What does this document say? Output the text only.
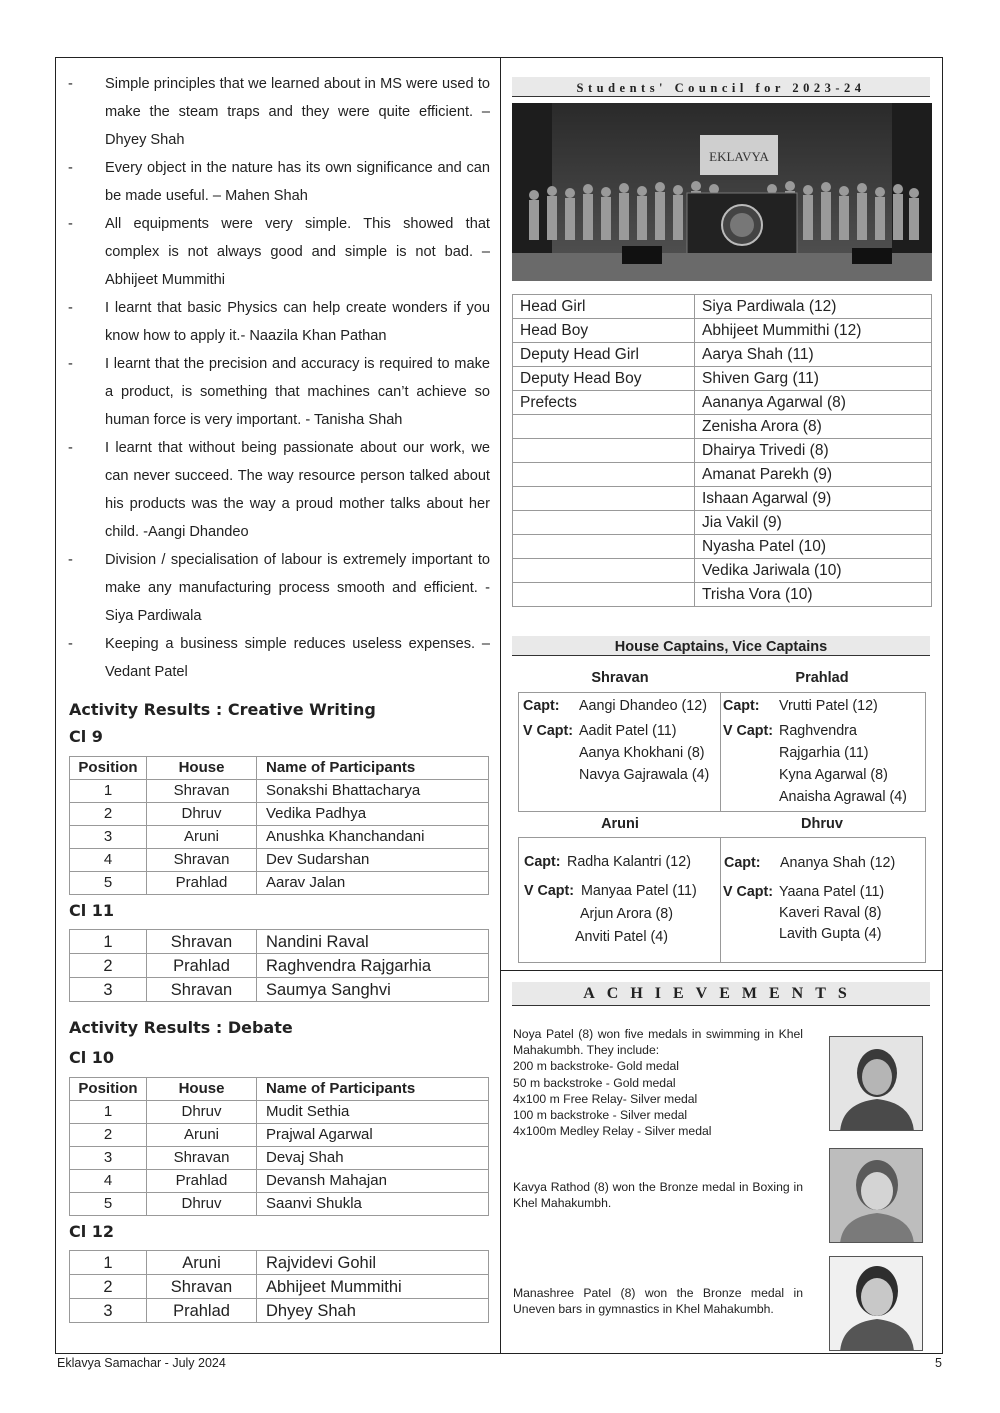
- Simple principles that we learned about in MS were used to make the steam traps and they were quite efficient. – Dhyey Shah
- Every object in the nature has its own significance and can be made useful. – Mahen Shah
- All equipments were very simple. This showed that complex is not always good and simple is not bad. – Abhijeet Mummithi
- I learnt that basic Physics can help create wonders if you know how to apply it.- Naazila Khan Pathan
- I learnt that the precision and accuracy is required to make a product, is something that machines can’t achieve so human force is very important. - Tanisha Shah
- I learnt that without being passionate about our work, we can never succeed. The way resource person talked about his products was the way a proud mother talks about her child. -Aangi Dhandeo
- Division / specialisation of labour is extremely important to make any manufacturing process smooth and efficient. - Siya Pardiwala
- Keeping a business simple reduces useless expenses. – Vedant Patel
Activity Results : Creative Writing
Cl 9
Position	House	Name of Participants
1	Shravan	Sonakshi Bhattacharya
2	Dhruv	Vedika Padhya
3	Aruni	Anushka Khanchandani
4	Shravan	Dev Sudarshan
5	Prahlad	Aarav Jalan
Cl 11
1	Shravan	Nandini Raval
2	Prahlad	Raghvendra Rajgarhia
3	Shravan	Saumya Sanghvi
Activity Results : Debate
Cl 10
Position	House	Name of Participants
1	Dhruv	Mudit Sethia
2	Aruni	Prajwal Agarwal
3	Shravan	Devaj Shah
4	Prahlad	Devansh Mahajan
5	Dhruv	Saanvi Shukla
Cl 12
1	Aruni	Rajvidevi Gohil
2	Shravan	Abhijeet Mummithi
3	Prahlad	Dhyey Shah
Students' Council for 2023-24
EKLAVYA
Head Girl	Siya Pardiwala (12)
Head Boy	Abhijeet Mummithi (12)
Deputy Head Girl	Aarya Shah (11)
Deputy Head Boy	Shiven Garg (11)
Prefects	Aananya Agarwal (8)
	Zenisha Arora (8)
	Dhairya Trivedi (8)
	Amanat Parekh (9)
	Ishaan Agarwal (9)
	Jia Vakil (9)
	Nyasha Patel (10)
	Vedika Jariwala (10)
	Trisha Vora (10)
House Captains, Vice Captains
Shravan	Prahlad
Capt: Aangi Dhandeo (12)
V Capt: Aadit Patel (11)
Aanya Khokhani (8)
Navya Gajrawala (4)
Capt: Vrutti Patel (12)
V Capt: Raghvendra
Rajgarhia (11)
Kyna Agarwal (8)
Anaisha Agrawal (4)
Aruni	Dhruv
Capt: Radha Kalantri (12)
V Capt: Manyaa Patel (11)
Arjun Arora (8)
Anviti Patel (4)
Capt: Ananya Shah (12)
V Capt: Yaana Patel (11)
Kaveri Raval (8)
Lavith Gupta (4)
ACHIEVEMENTS
Noya Patel (8) won five medals in swimming in Khel Mahakumbh. They include:
200 m backstroke- Gold medal
50 m backstroke - Gold medal
4x100 m Free Relay- Silver medal
100 m backstroke - Silver medal
4x100m Medley Relay - Silver medal
Kavya Rathod (8) won the Bronze medal in Boxing in Khel Mahakumbh.
Manashree Patel (8) won the Bronze medal in Uneven bars in gymnastics in Khel Mahakumbh.
Eklavya Samachar - July 2024	5
